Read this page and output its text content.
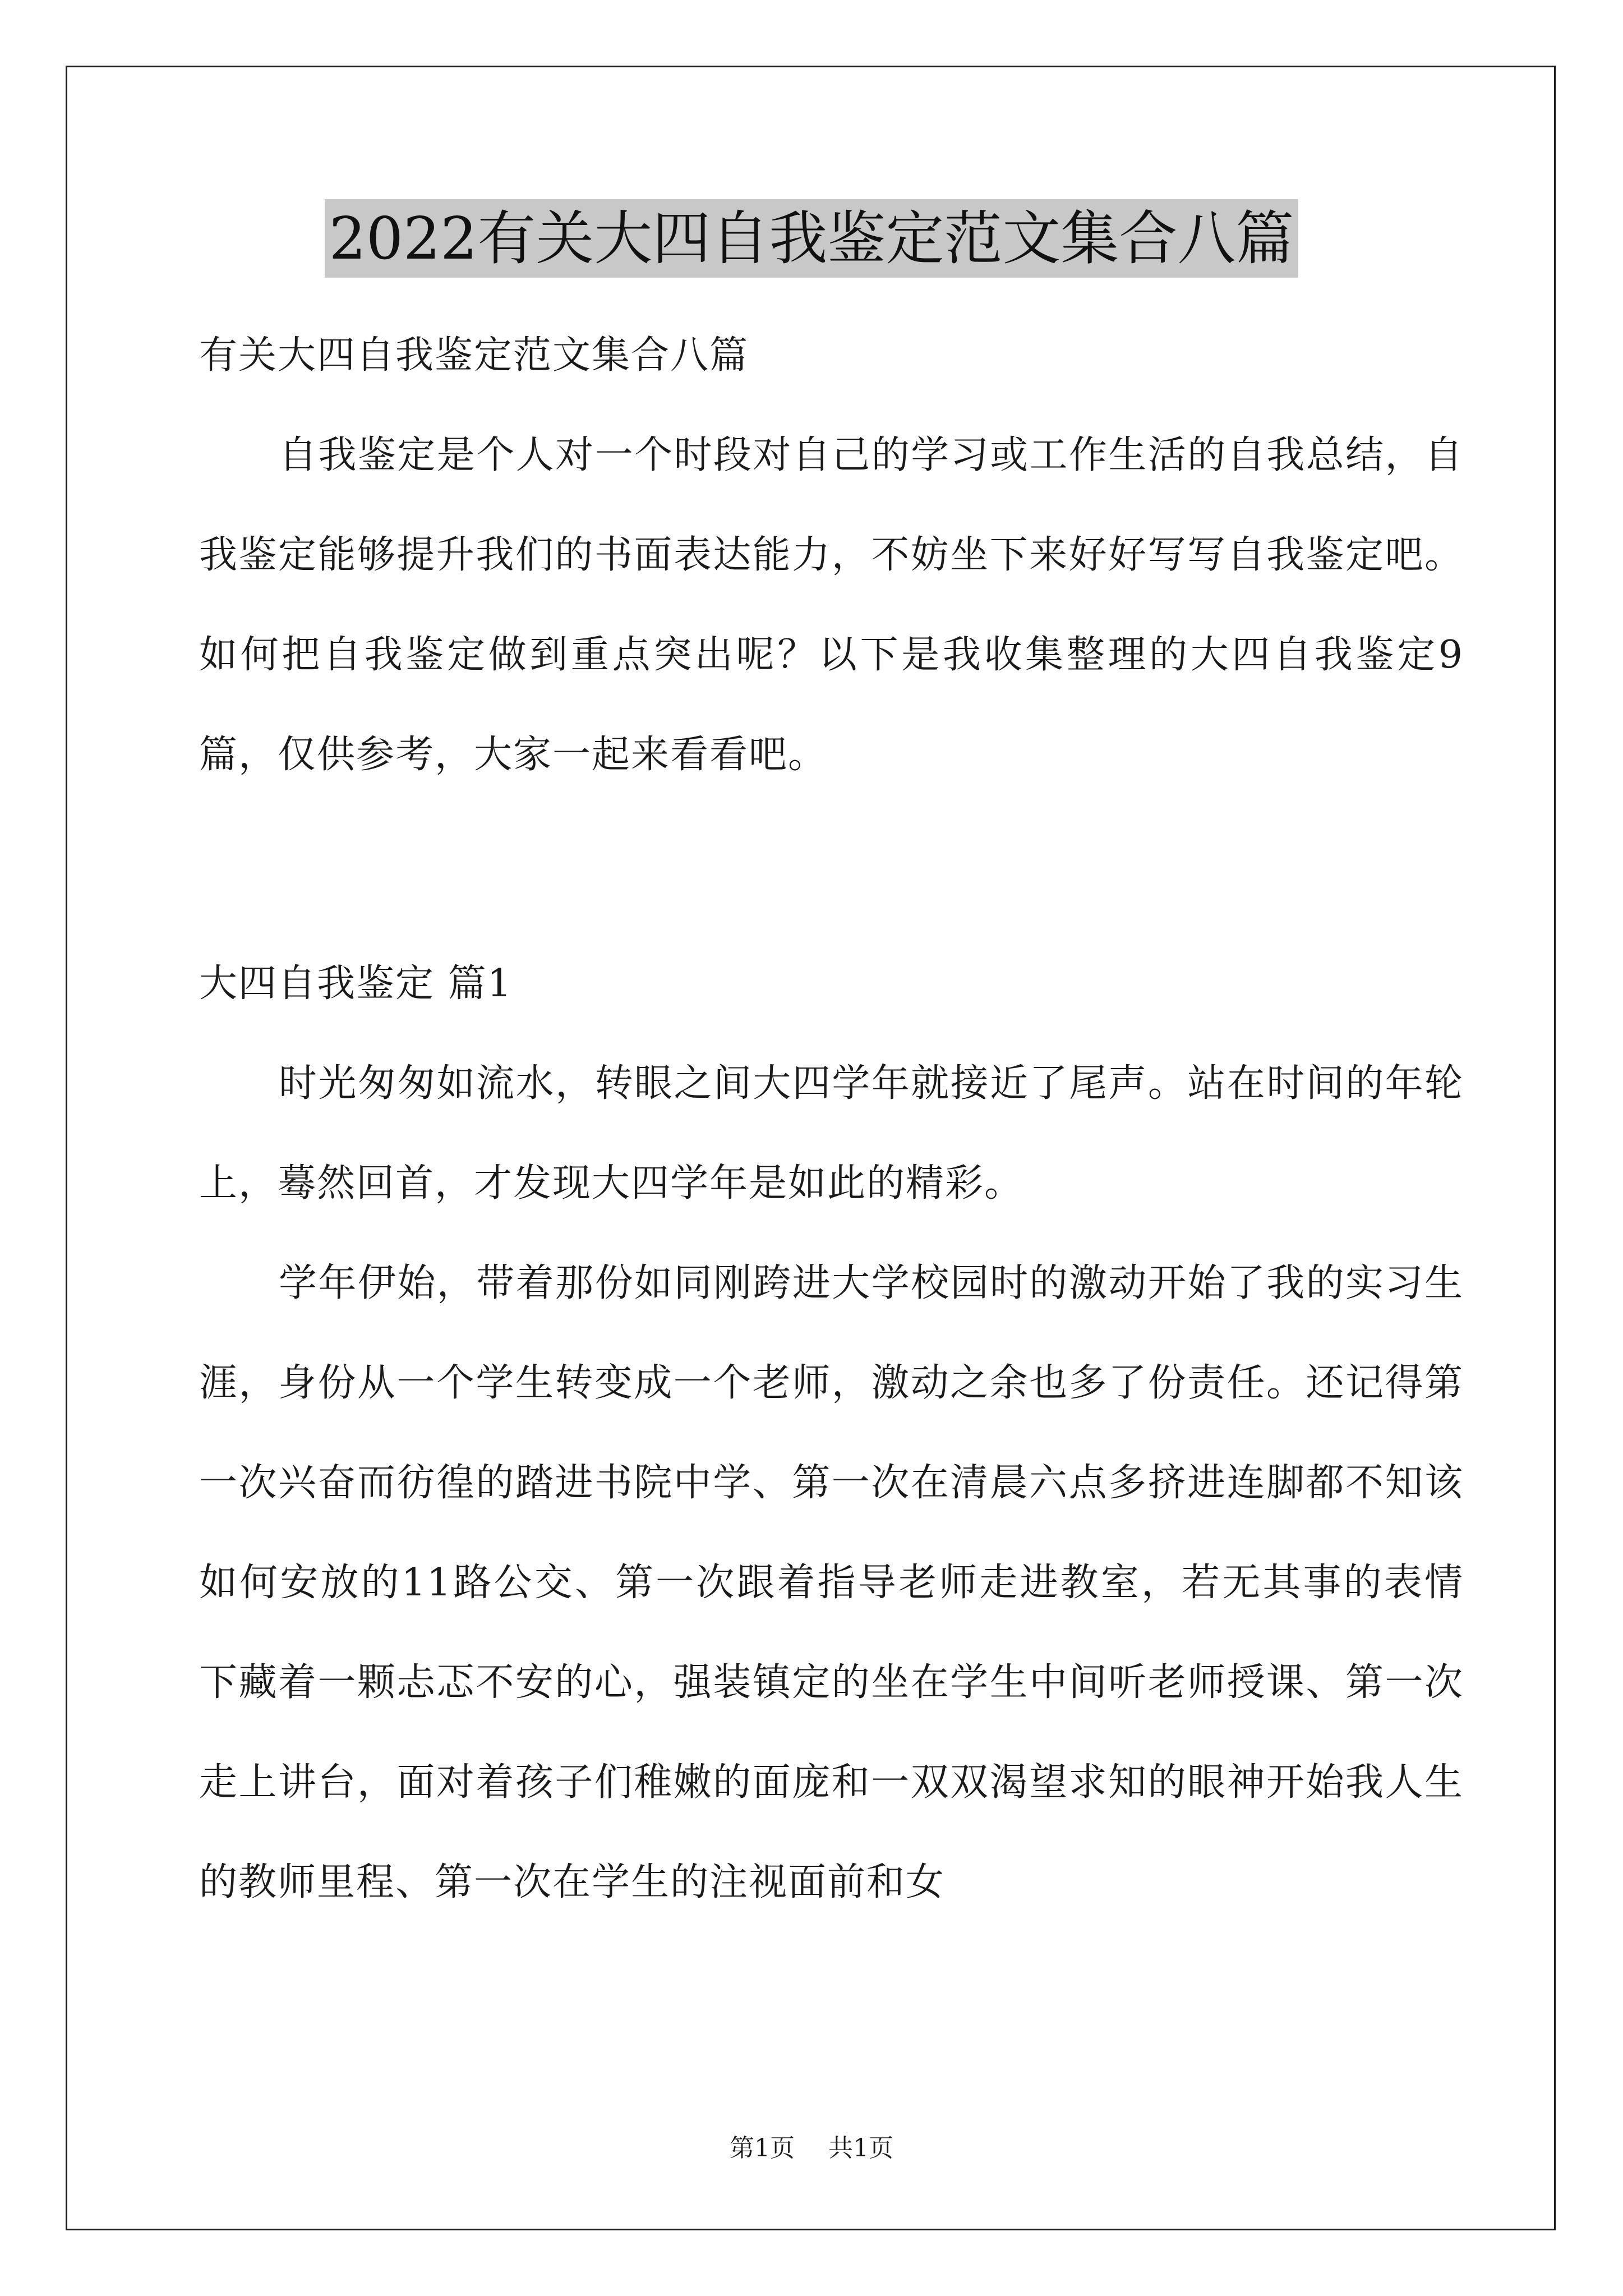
2022有关大四自我鉴定范文集合八篇

有关大四自我鉴定范文集合八篇

自我鉴定是个人对一个时段对自己的学习或工作生活的自我总结，自我鉴定能够提升我们的书面表达能力，不妨坐下来好好写写自我鉴定吧。如何把自我鉴定做到重点突出呢？以下是我收集整理的大四自我鉴定9篇，仅供参考，大家一起来看看吧。

大四自我鉴定 篇1

时光匆匆如流水，转眼之间大四学年就接近了尾声。站在时间的年轮上，蓦然回首，才发现大四学年是如此的精彩。

学年伊始，带着那份如同刚跨进大学校园时的激动开始了我的实习生涯，身份从一个学生转变成一个老师，激动之余也多了份责任。还记得第一次兴奋而彷徨的踏进书院中学、第一次在清晨六点多挤进连脚都不知该如何安放的11路公交、第一次跟着指导老师走进教室，若无其事的表情下藏着一颗忐忑不安的心，强装镇定的坐在学生中间听老师授课、第一次走上讲台，面对着孩子们稚嫩的面庞和一双双渴望求知的眼神开始我人生的教师里程、第一次在学生的注视面前和女

第1页 共1页
